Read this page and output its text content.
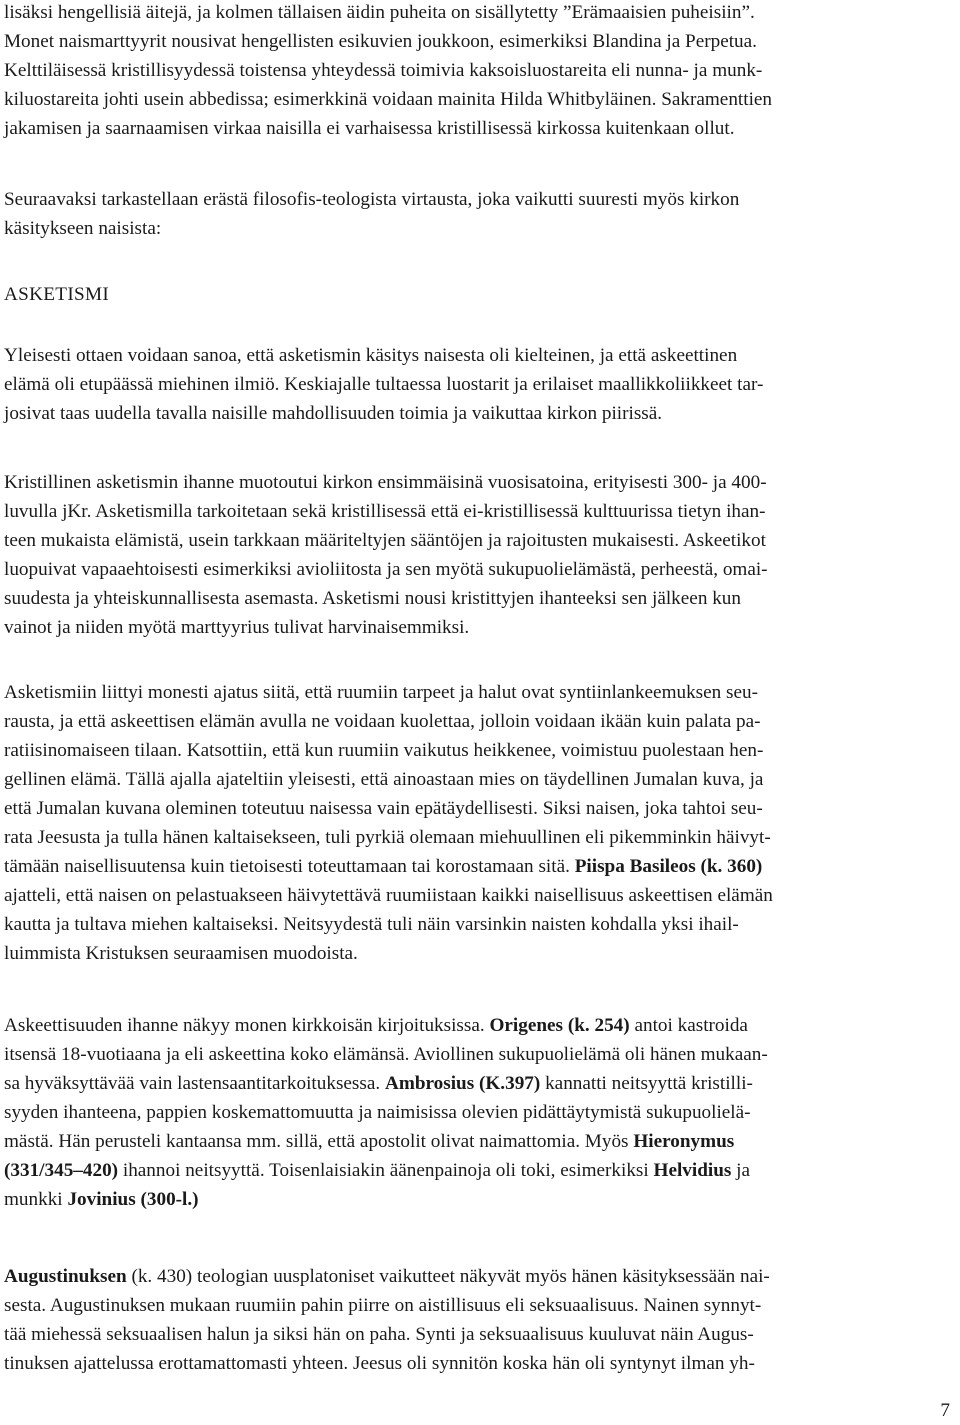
lisäksi hengellisiä äitejä, ja kolmen tällaisen äidin puheita on sisällytetty ”Erämaaisien puheisiin”.
Monet naismarttyyrit nousivat hengellisten esikuvien joukkoon, esimerkiksi Blandina ja Perpetua.
Kelttiläisessä kristillisyydessä toistensa yhteydessä toimivia kaksoisluostareita eli nunna- ja munk-
kiluostareita johti usein abbedissa; esimerkkinä voidaan mainita Hilda Whitbyläinen. Sakramenttien
jakamisen ja saarnaamisen virkaa naisilla ei varhaisessa kristillisessä kirkossa kuitenkaan ollut.
Seuraavaksi tarkastellaan erästä filosofis-teologista virtausta, joka vaikutti suuresti myös kirkon
käsitykseen naisista:
ASKETISMI
Yleisesti ottaen voidaan sanoa, että asketismin käsitys naisesta oli kielteinen, ja että askeettinen
elämä oli etupäässä miehinen ilmiö. Keskiajalle tultaessa luostarit ja erilaiset maallikkoliikkeet tar-
josivat taas uudella tavalla naisille mahdollisuuden toimia ja vaikuttaa kirkon piirissä.
Kristillinen asketismin ihanne muotoutui kirkon ensimmäisinä vuosisatoina, erityisesti 300- ja 400-
luvulla jKr. Asketismilla tarkoitetaan sekä kristillisessä että ei-kristillisessä kulttuurissa tietyn ihan-
teen mukaista elämistä, usein tarkkaan määriteltyjen sääntöjen ja rajoitusten mukaisesti. Askeetikot
luopuivat vapaaehtoisesti esimerkiksi avioliitosta ja sen myötä sukupuolielämästä, perheestä, omai-
suudesta ja yhteiskunnallisesta asemasta. Asketismi nousi kristittyjen ihanteeksi sen jälkeen kun
vainot ja niiden myötä marttyyrius tulivat harvinaisemmiksi.
Asketismiin liittyi monesti ajatus siitä, että ruumiin tarpeet ja halut ovat syntiinlankeemuksen seu-
rausta, ja että askeettisen elämän avulla ne voidaan kuolettaa, jolloin voidaan ikään kuin palata pa-
ratiisinomaiseen tilaan. Katsottiin, että kun ruumiin vaikutus heikkenee, voimistuu puolestaan hen-
gellinen elämä. Tällä ajalla ajateltiin yleisesti, että ainoastaan mies on täydellinen Jumalan kuva, ja
että Jumalan kuvana oleminen toteutuu naisessa vain epätäydellisesti. Siksi naisen, joka tahtoi seu-
rata Jeesusta ja tulla hänen kaltaisekseen, tuli pyrkiä olemaan miehuullinen eli pikemminkin häivyt-
tämään naisellisuutensa kuin tietoisesti toteuttamaan tai korostamaan sitä. Piispa Basileos (k. 360)
ajatteli, että naisen on pelastuakseen häivytettävä ruumiistaan kaikki naisellisuus askeettisen elämän
kautta ja tultava miehen kaltaiseksi. Neitsyydestä tuli näin varsinkin naisten kohdalla yksi ihail-
luimmista Kristuksen seuraamisen muodoista.
Askeettisuuden ihanne näkyy monen kirkkoisän kirjoituksissa. Origenes (k. 254) antoi kastroida
itsensä 18-vuotiaana ja eli askeettina koko elämänsä. Aviollinen sukupuolielämä oli hänen mukaan-
sa hyväksyttävää vain lastensaantitarkoituksessa. Ambrosius (K.397) kannatti neitsyyttä kristilli-
syyden ihanteena, pappien koskemattomuutta ja naimisissa olevien pidättäytymistä sukupuolielä-
mästä. Hän perusteli kantaansa mm. sillä, että apostolit olivat naimattomia. Myös Hieronymus
(331/345–420) ihannoi neitsyyttä. Toisenlaisiakin äänenpainoja oli toki, esimerkiksi Helvidius ja
munkki Jovinius (300-l.)
Augustinuksen (k. 430) teologian uusplatoniset vaikutteet näkyvät myös hänen käsityksessään nai-
sesta. Augustinuksen mukaan ruumiin pahin piirre on aistillisuus eli seksuaalisuus. Nainen synnyt-
tää miehessä seksuaalisen halun ja siksi hän on paha. Synti ja seksuaalisuus kuuluvat näin Augus-
tinuksen ajattelussa erottamattomasti yhteen. Jeesus oli synnitön koska hän oli syntynyt ilman yh-
7
